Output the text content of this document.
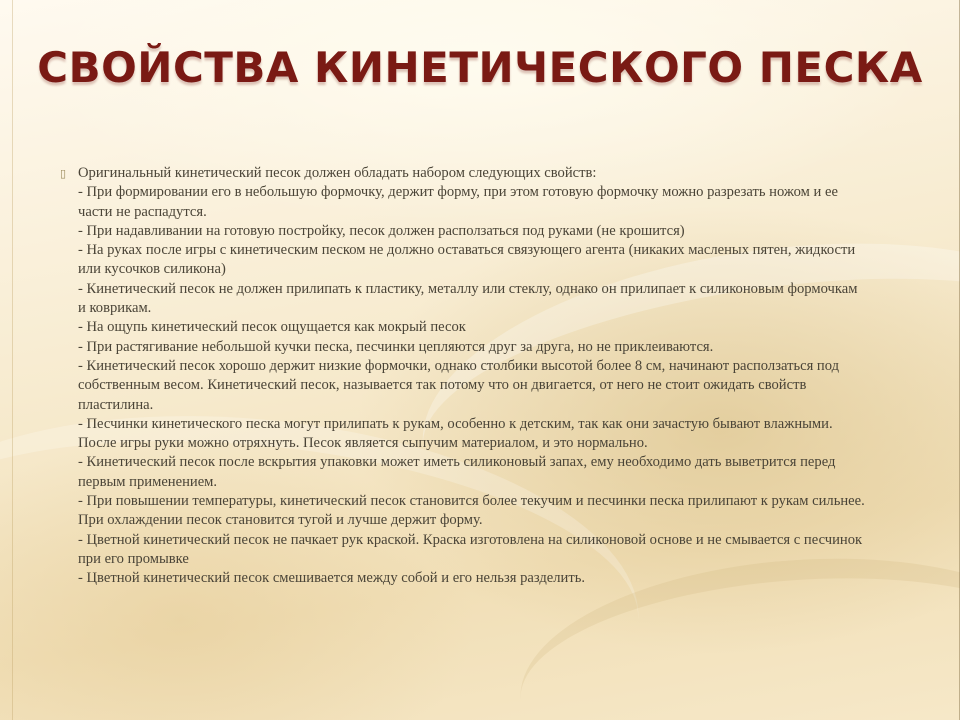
СВОЙСТВА КИНЕТИЧЕСКОГО ПЕСКА
▯ Оригинальный кинетический песок должен обладать набором следующих свойств:
- При формировании его в небольшую формочку, держит форму, при этом готовую формочку можно разрезать ножом и ее
части не распадутся.
- При надавливании на готовую постройку, песок должен расползаться под руками (не крошится)
- На руках после игры с кинетическим песком не должно оставаться связующего агента (никаких масленых пятен, жидкости
или кусочков силикона)
- Кинетический песок не должен прилипать к пластику, металлу или стеклу, однако он прилипает к силиконовым формочкам
и коврикам.
- На ощупь кинетический песок ощущается как мокрый песок
- При растягивание небольшой кучки песка, песчинки цепляются друг за друга, но не приклеиваются.
- Кинетический песок хорошо держит низкие формочки, однако столбики высотой более 8 см, начинают расползаться под
собственным весом. Кинетический песок, называется так потому что он двигается, от него не стоит ожидать свойств
пластилина.
- Песчинки кинетического песка могут прилипать к рукам, особенно к детским, так как они зачастую бывают влажными.
После игры руки можно отряхнуть. Песок является сыпучим материалом, и это нормально.
- Кинетический песок после вскрытия упаковки может иметь силиконовый запах, ему необходимо дать выветрится перед
первым применением.
- При повышении температуры, кинетический песок становится более текучим и песчинки песка прилипают к рукам сильнее.
При охлаждении песок становится тугой и лучше держит форму.
- Цветной кинетический песок не пачкает рук краской. Краска изготовлена на силиконовой основе и не смывается с песчинок
при его промывке
- Цветной кинетический песок смешивается между собой и его нельзя разделить.
